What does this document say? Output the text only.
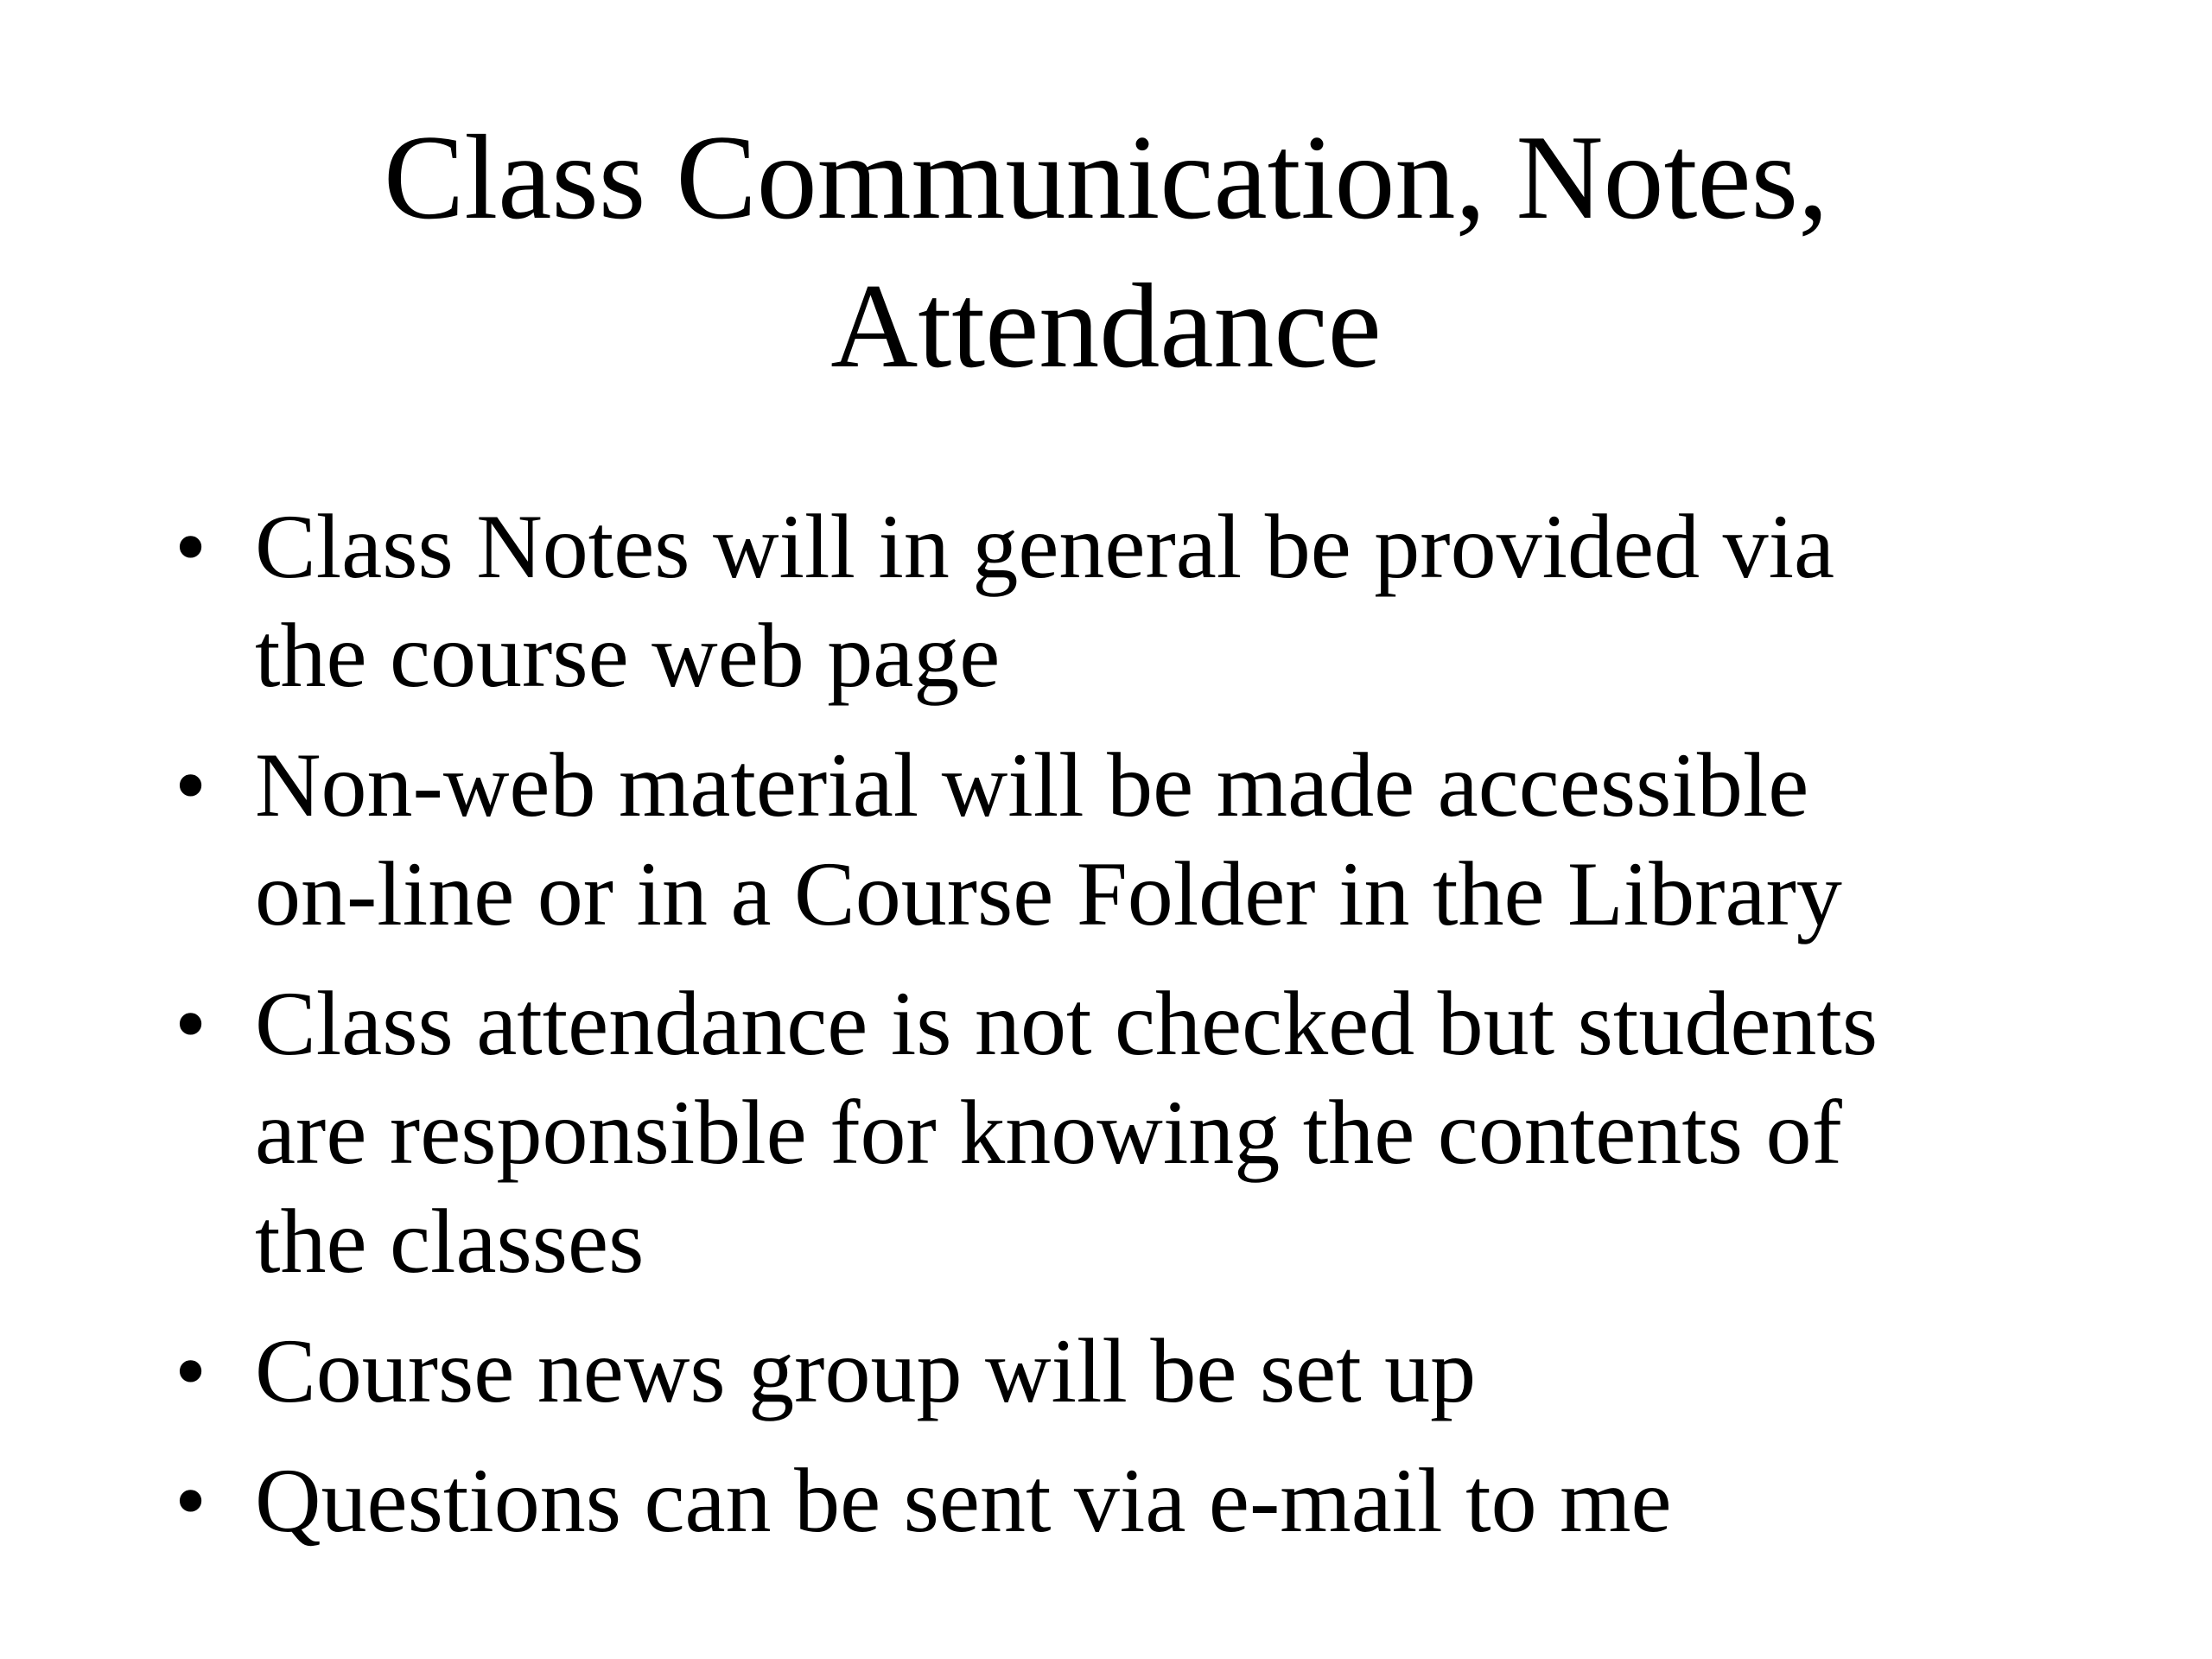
Class Communication, Notes,
Attendance
• Class Notes will in general be provided via
the course web page
• Non-web material will be made accessible
on-line or in a Course Folder in the Library
• Class attendance is not checked but students
are responsible for knowing the contents of
the classes
• Course news group will be set up
• Questions can be sent via e-mail to me
